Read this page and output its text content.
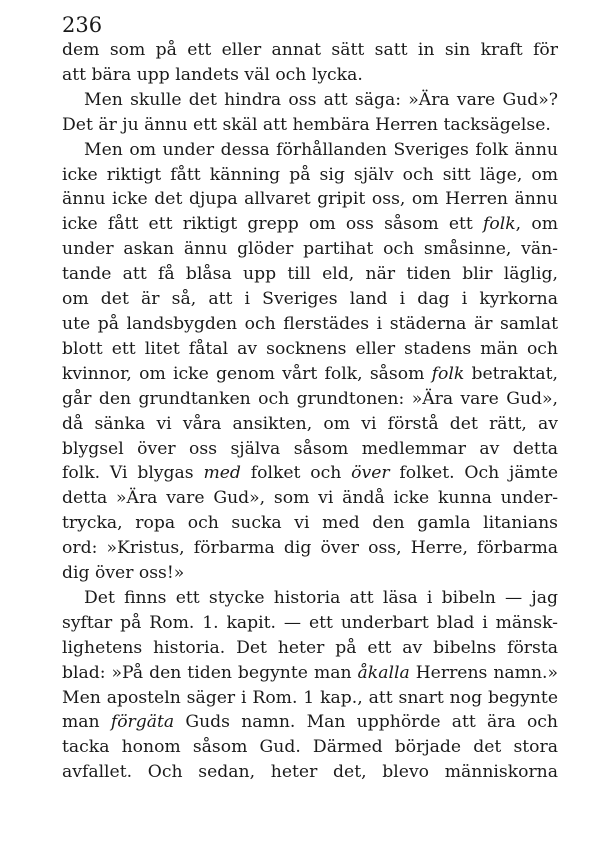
236
dem som på ett eller annat sätt satt in sin kraft för
att bära upp landets väl och lycka.
Men skulle det hindra oss att säga: »Ära vare Gud»?
Det är ju ännu ett skäl att hembära Herren tacksägelse.
Men om under dessa förhållanden Sveriges folk ännu
icke riktigt fått känning på sig själv och sitt läge, om
ännu icke det djupa allvaret gripit oss, om Herren ännu
icke fått ett riktigt grepp om oss såsom ett folk, om
under askan ännu glöder partihat och småsinne, vän-
tande att få blåsa upp till eld, när tiden blir läglig,
om det är så, att i Sveriges land i dag i kyrkorna
ute på landsbygden och flerstädes i städerna är samlat
blott ett litet fåtal av socknens eller stadens män och
kvinnor, om icke genom vårt folk, såsom folk betraktat,
går den grundtanken och grundtonen: »Ära vare Gud»,
då sänka vi våra ansikten, om vi förstå det rätt, av
blygsel över oss själva såsom medlemmar av detta
folk. Vi blygas med folket och över folket. Och jämte
detta »Ära vare Gud», som vi ändå icke kunna under-
trycka, ropa och sucka vi med den gamla litanians
ord: »Kristus, förbarma dig över oss, Herre, förbarma
dig över oss!»
Det finns ett stycke historia att läsa i bibeln — jag
syftar på Rom. 1. kapit. — ett underbart blad i mänsk-
lighetens historia. Det heter på ett av bibelns första
blad: »På den tiden begynte man åkalla Herrens namn.»
Men aposteln säger i Rom. 1 kap., att snart nog begynte
man förgäta Guds namn. Man upphörde att ära och
tacka honom såsom Gud. Därmed började det stora
avfallet. Och sedan, heter det, blevo människorna
